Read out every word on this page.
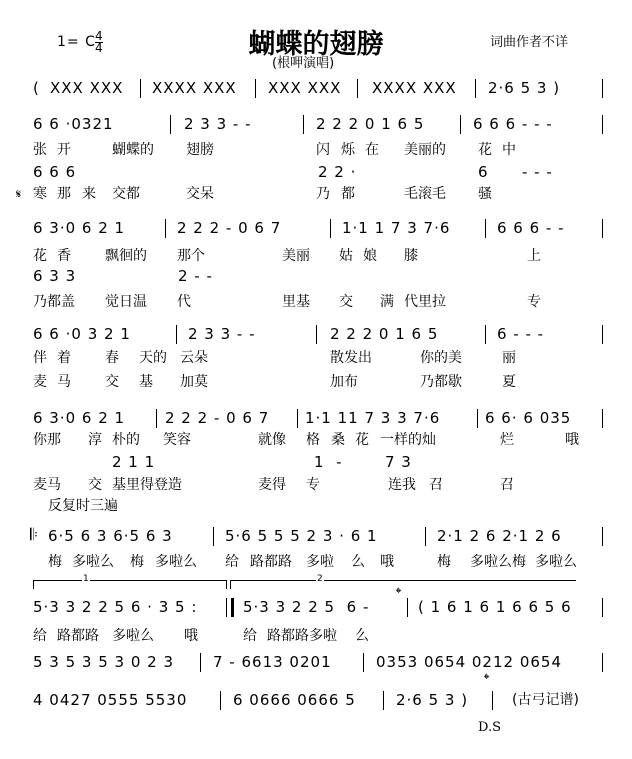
1= C $\frac{4}{4}$	蝴蝶的翅膀	词曲作者不详
(根呷演唱)
( XXX XXX XXXX XXX XXX XXX XXXX XXX 2·6 5 3 )
6 6 ·0321	2 3 3 - -	2 2 2 0 1 6 5	6 6 6 - - -
张 开	蝴蝶的 翅膀	闪 烁 在 美丽的 花 中
6 6 6	2 2 ·	6 - - -
𝄋 寒 那 来 交都	交呆	乃 都	毛滚毛 骚
6 3·0 6 2 1	2 2 2 - 0 6 7	1·1 1 7 3 7·6	6 6 6 - -
花 香 飘徊的 那个	美丽 姑 娘 膝	上
6 3 3	2 - -
乃都盖 觉日温 代	里基 交 满 代里拉	专
6 6 ·0 3 2 1	2 3 3 - -	2 2 2 0 1 6 5	6 - - -
伴 着 春 天的 云朵	散发出	你的美	丽
麦 马 交 基 加莫	加布	乃都歇	夏
6 3·0 6 2 1	2 2 2 - 0 6 7 1·1 11 7 3 3 7·6	6 6· 6 035
你那 淳 朴的 笑容	就像 格 桑 花 一样的灿	烂	哦
2 1 1	1  -	7 3
麦马 交 基里得登造	麦得 专	连我 召	召
反复时三遍
𝄆 6·5 6 3 6·5 6 3	5·6 5 5 5 2 3 · 6 1	2·1 2 6 2·1 2 6
梅 多啦么 梅 多啦么 给 路都路 多啦 么 哦	梅 多啦么梅 多啦么
1	2
𝄌
5·3 3 2 2 5 6 · 3 5 :	5·3 3 2 2 5  6 -	( 1 6 1 6 1 6 6 5 6
给 路都路 多啦么 哦	给 路都路多啦 么
5 3 5 3 5 3 0 2 3	7 - 6613 0201	0353 0654 0212 0654
4 0427 0555 5530	6 0666 0666 5	2·6 5 3 )
𝄌
(古弓记谱)
D.S
